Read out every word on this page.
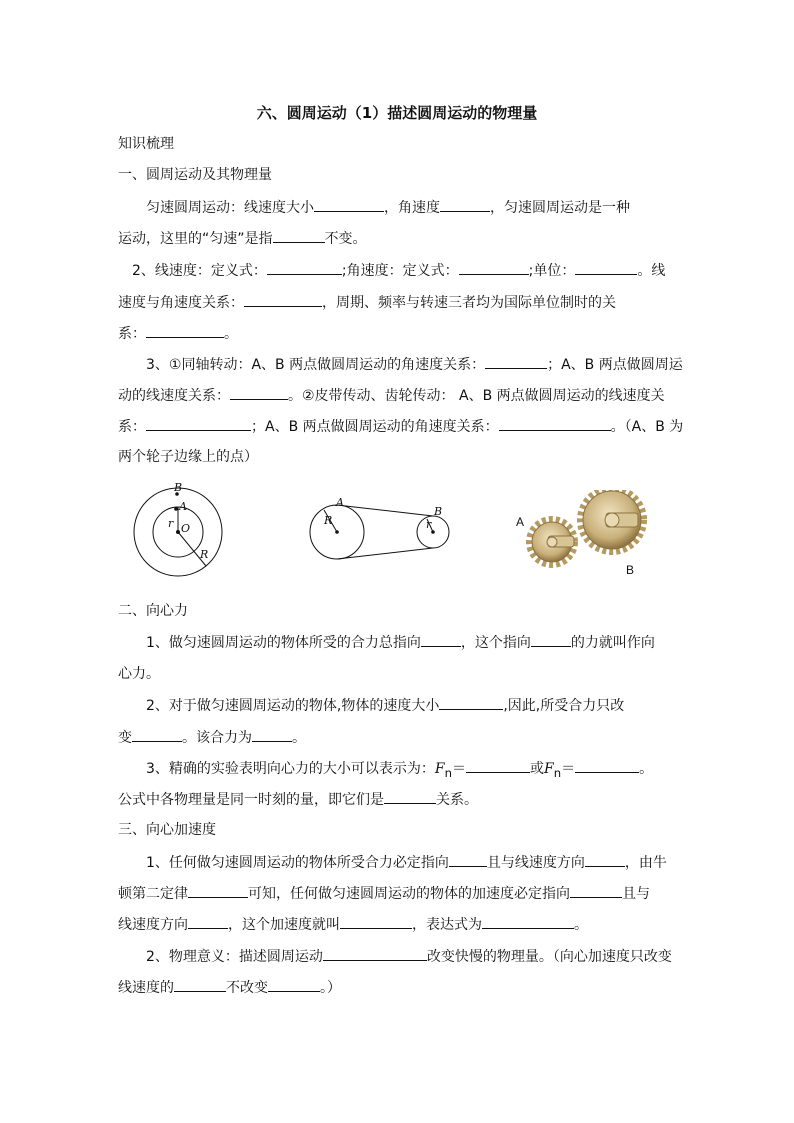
六、圆周运动（1）描述圆周运动的物理量
知识梳理
一、圆周运动及其物理量
匀速圆周运动：线速度大小	，角速度	，匀速圆周运动是一种
运动，这里的“匀速”是指	不变。
2、线速度：定义式：	;角速度：定义式：	;单位：	。线
速度与角速度关系：	，周期、频率与转速三者均为国际单位制时的关
系：	。
3、①同轴转动：A、B 两点做圆周运动的角速度关系：	；A、B 两点做圆周运
动的线速度关系：	。②皮带传动、齿轮传动： A、B 两点做圆周运动的线速度关
系：	；A、B 两点做圆周运动的角速度关系：	。（A、B 为
两个轮子边缘上的点）
B
A
O
r
R
A
B
R	r	A
B
二、向心力
1、做匀速圆周运动的物体所受的合力总指向	，这个指向	的力就叫作向
心力。
2、对于做匀速圆周运动的物体,物体的速度大小	,因此,所受合力只改
变	。该合力为	。
3、精确的实验表明向心力的大小可以表示为：$F_n=$	或$F_n=$	。
公式中各物理量是同一时刻的量，即它们是	关系。
三、向心加速度
1、任何做匀速圆周运动的物体所受合力必定指向	且与线速度方向	，由牛
顿第二定律	可知，任何做匀速圆周运动的物体的加速度必定指向	且与
线速度方向	，这个加速度就叫	，表达式为	。
2、物理意义：描述圆周运动	改变快慢的物理量。（向心加速度只改变
线速度的	不改变	。）
